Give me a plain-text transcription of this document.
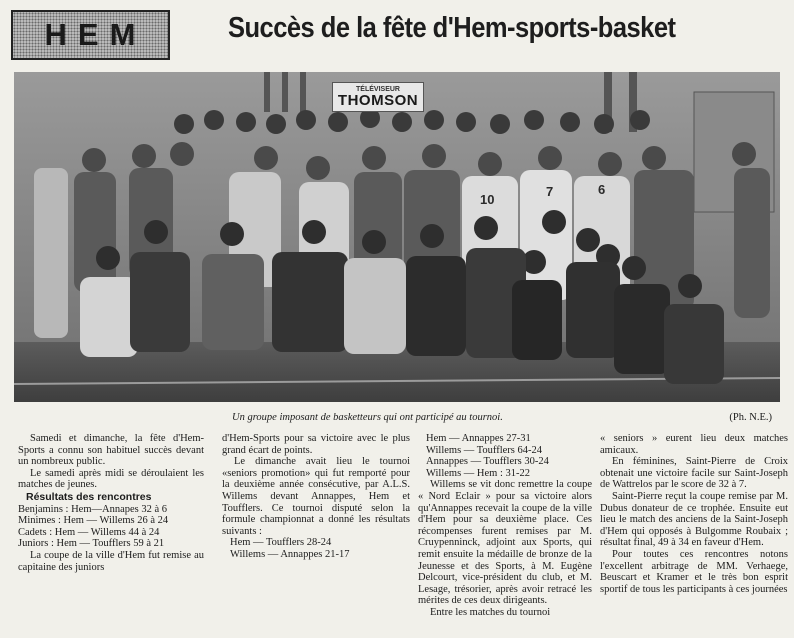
HEM	Succès de la fête d'Hem-sports-basket
TÉLÉVISEUR
THOMSON
10
7	6
Un groupe imposant de basketteurs qui ont participé au tournoi.	(Ph. N.E.)

Samedi et dimanche, la fête d'Hem-Sports a connu son habituel succès devant un nombreux public.

Le samedi après midi se déroulaient les matches de jeunes.

Résultats des rencontres

Benjamins : Hem—Annapes 32 à 6

Minimes : Hem — Willems 26 à 24

Cadets : Hem — Willems 44 à 24

Juniors : Hem — Toufflers 59 à 21

La coupe de la ville d'Hem fut remise au capitaine des juniors

d'Hem-Sports pour sa victoire avec le plus grand écart de points.

Le dimanche avait lieu le tournoi «seniors promotion» qui fut remporté pour la deuxième année consécutive, par A.L.S. Willems devant Annappes, Hem et Toufflers. Ce tournoi disputé selon la formule championnat a donné les résultats suivants :

Hem — Toufflers 28-24

Willems — Annappes 21-17

Hem — Annappes 27-31

Willems — Toufflers 64-24

Annappes — Toufflers 30-24

Willems — Hem : 31-22

Willems se vit donc remettre la coupe « Nord Eclair » pour sa victoire alors qu'Annappes recevait la coupe de la ville d'Hem pour sa deuxième place. Ces récompenses furent remises par M. Cruypenninck, adjoint aux Sports, qui remit ensuite la médaille de bronze de la Jeunesse et des Sports, à M. Eugène Delcourt, vice-président du club, et M. Lesage, trésorier, après avoir retracé les mérites de ces deux dirigeants.

Entre les matches du tournoi

« seniors » eurent lieu deux matches amicaux.

En féminines, Saint-Pierre de Croix obtenait une victoire facile sur Saint-Joseph de Wattrelos par le score de 32 à 7.

Saint-Pierre reçut la coupe remise par M. Dubus donateur de ce trophée. Ensuite eut lieu le match des anciens de la Saint-Joseph d'Hem qui opposés à Bulgomme Roubaix ; résultat final, 49 à 34 en faveur d'Hem.

Pour toutes ces rencontres notons l'excellent arbitrage de MM. Verhaege, Beuscart et Kramer et le très bon esprit sportif de tous les participants à ces journées
